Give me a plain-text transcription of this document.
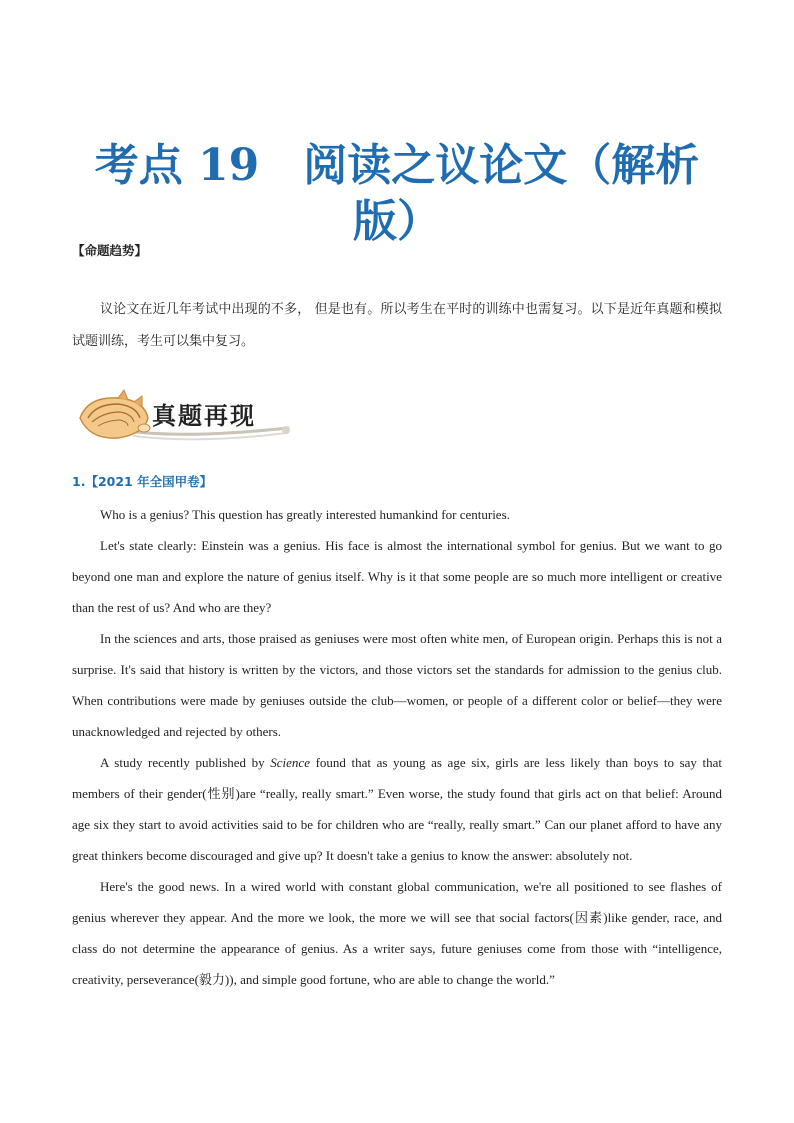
考点 19　阅读之议论文（解析
版）
【命题趋势】

议论文在近几年考试中出现的不多， 但是也有。所以考生在平时的训练中也需复习。以下是近年真题和模拟试题训练，考生可以集中复习。

真题再现
1.【2021 年全国甲卷】

Who is a genius? This question has greatly interested humankind for centuries.

Let's state clearly: Einstein was a genius. His face is almost the international symbol for genius. But we want to go beyond one man and explore the nature of genius itself. Why is it that some people are so much more intelligent or creative than the rest of us? And who are they?

In the sciences and arts, those praised as geniuses were most often white men, of European origin. Perhaps this is not a surprise. It's said that history is written by the victors, and those victors set the standards for admission to the genius club. When contributions were made by geniuses outside the club—women, or people of a different color or belief—they were unacknowledged and rejected by others.

A study recently published by Science found that as young as age six, girls are less likely than boys to say that members of their gender(性别)are “really, really smart.” Even worse, the study found that girls act on that belief: Around age six they start to avoid activities said to be for children who are “really, really smart.” Can our planet afford to have any great thinkers become discouraged and give up? It doesn't take a genius to know the answer: absolutely not.

Here's the good news. In a wired world with constant global communication, we're all positioned to see flashes of genius wherever they appear. And the more we look, the more we will see that social factors(因素)like gender, race, and class do not determine the appearance of genius. As a writer says, future geniuses come from those with “intelligence, creativity, perseverance(毅力)), and simple good fortune, who are able to change the world.”
